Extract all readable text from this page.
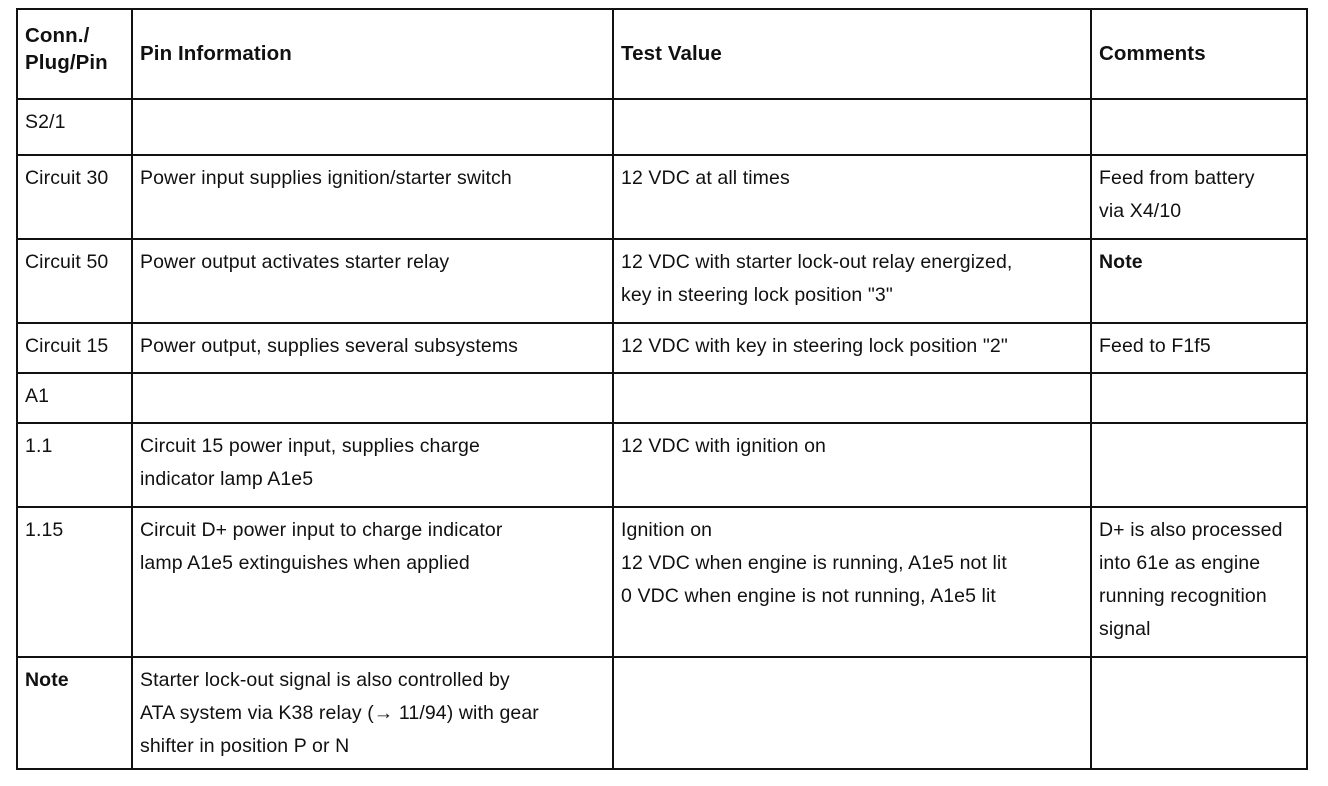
Conn./
Plug/Pin	Pin Information	Test Value	Comments
S2/1			
Circuit 30	Power input supplies ignition/starter switch	12 VDC at all times	Feed from battery
via X4/10
Circuit 50	Power output activates starter relay	12 VDC with starter lock-out relay energized,
key in steering lock position "3"	Note
Circuit 15	Power output, supplies several subsystems	12 VDC with key in steering lock position "2"	Feed to F1f5
A1			
1.1	Circuit 15 power input, supplies charge
indicator lamp A1e5	12 VDC with ignition on	
1.15	Circuit D+ power input to charge indicator
lamp A1e5 extinguishes when applied	Ignition on
12 VDC when engine is running, A1e5 not lit
0 VDC when engine is not running, A1e5 lit	D+ is also processed
into 61e as engine
running recognition
signal
Note	Starter lock-out signal is also controlled by
ATA system via K38 relay (→ 11/94) with gear
shifter in position P or N		
